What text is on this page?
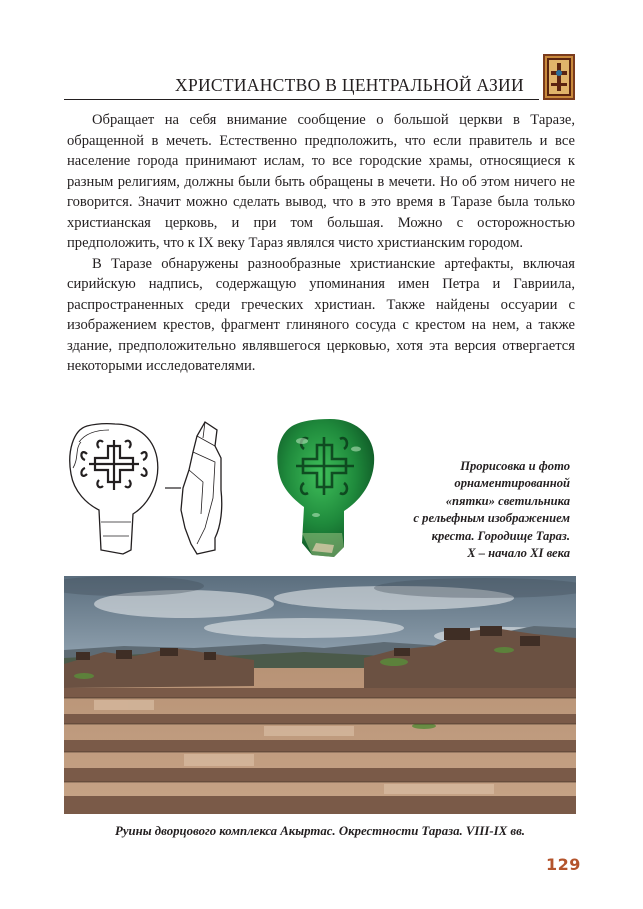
ХРИСТИАНСТВО В ЦЕНТРАЛЬНОЙ АЗИИ

Обращает на себя внимание сообщение о большой церкви в Таразе, обращенной в мечеть. Естественно предположить, что если правитель и все население города принимают ислам, то все городские храмы, относящиеся к разным религиям, должны были быть обращены в мечети. Но об этом ничего не говорится. Значит можно сделать вывод, что в это время в Таразе была только христианская церковь, и при том большая. Можно с осторожностью предположить, что к IX веку Тараз являлся чисто христианским городом.

В Таразе обнаружены разнообразные христианские артефакты, включая сирийскую надпись, содержащую упоминания имен Петра и Гавриила, распространенных среди греческих христиан. Также найдены оссуарии с изображением крестов, фрагмент глиняного сосуда с крестом на нем, а также здание, предположительно являвшегося церковью, хотя эта версия отвергается некоторыми исследователями.

Прорисовка и фото
орнаментированной
«пятки» светильника
с рельефным изображением
креста. Городище Тараз.
X – начало XI века
Руины дворцового комплекса Акыртас. Окрестности Тараза. VIII-IX вв.
129
